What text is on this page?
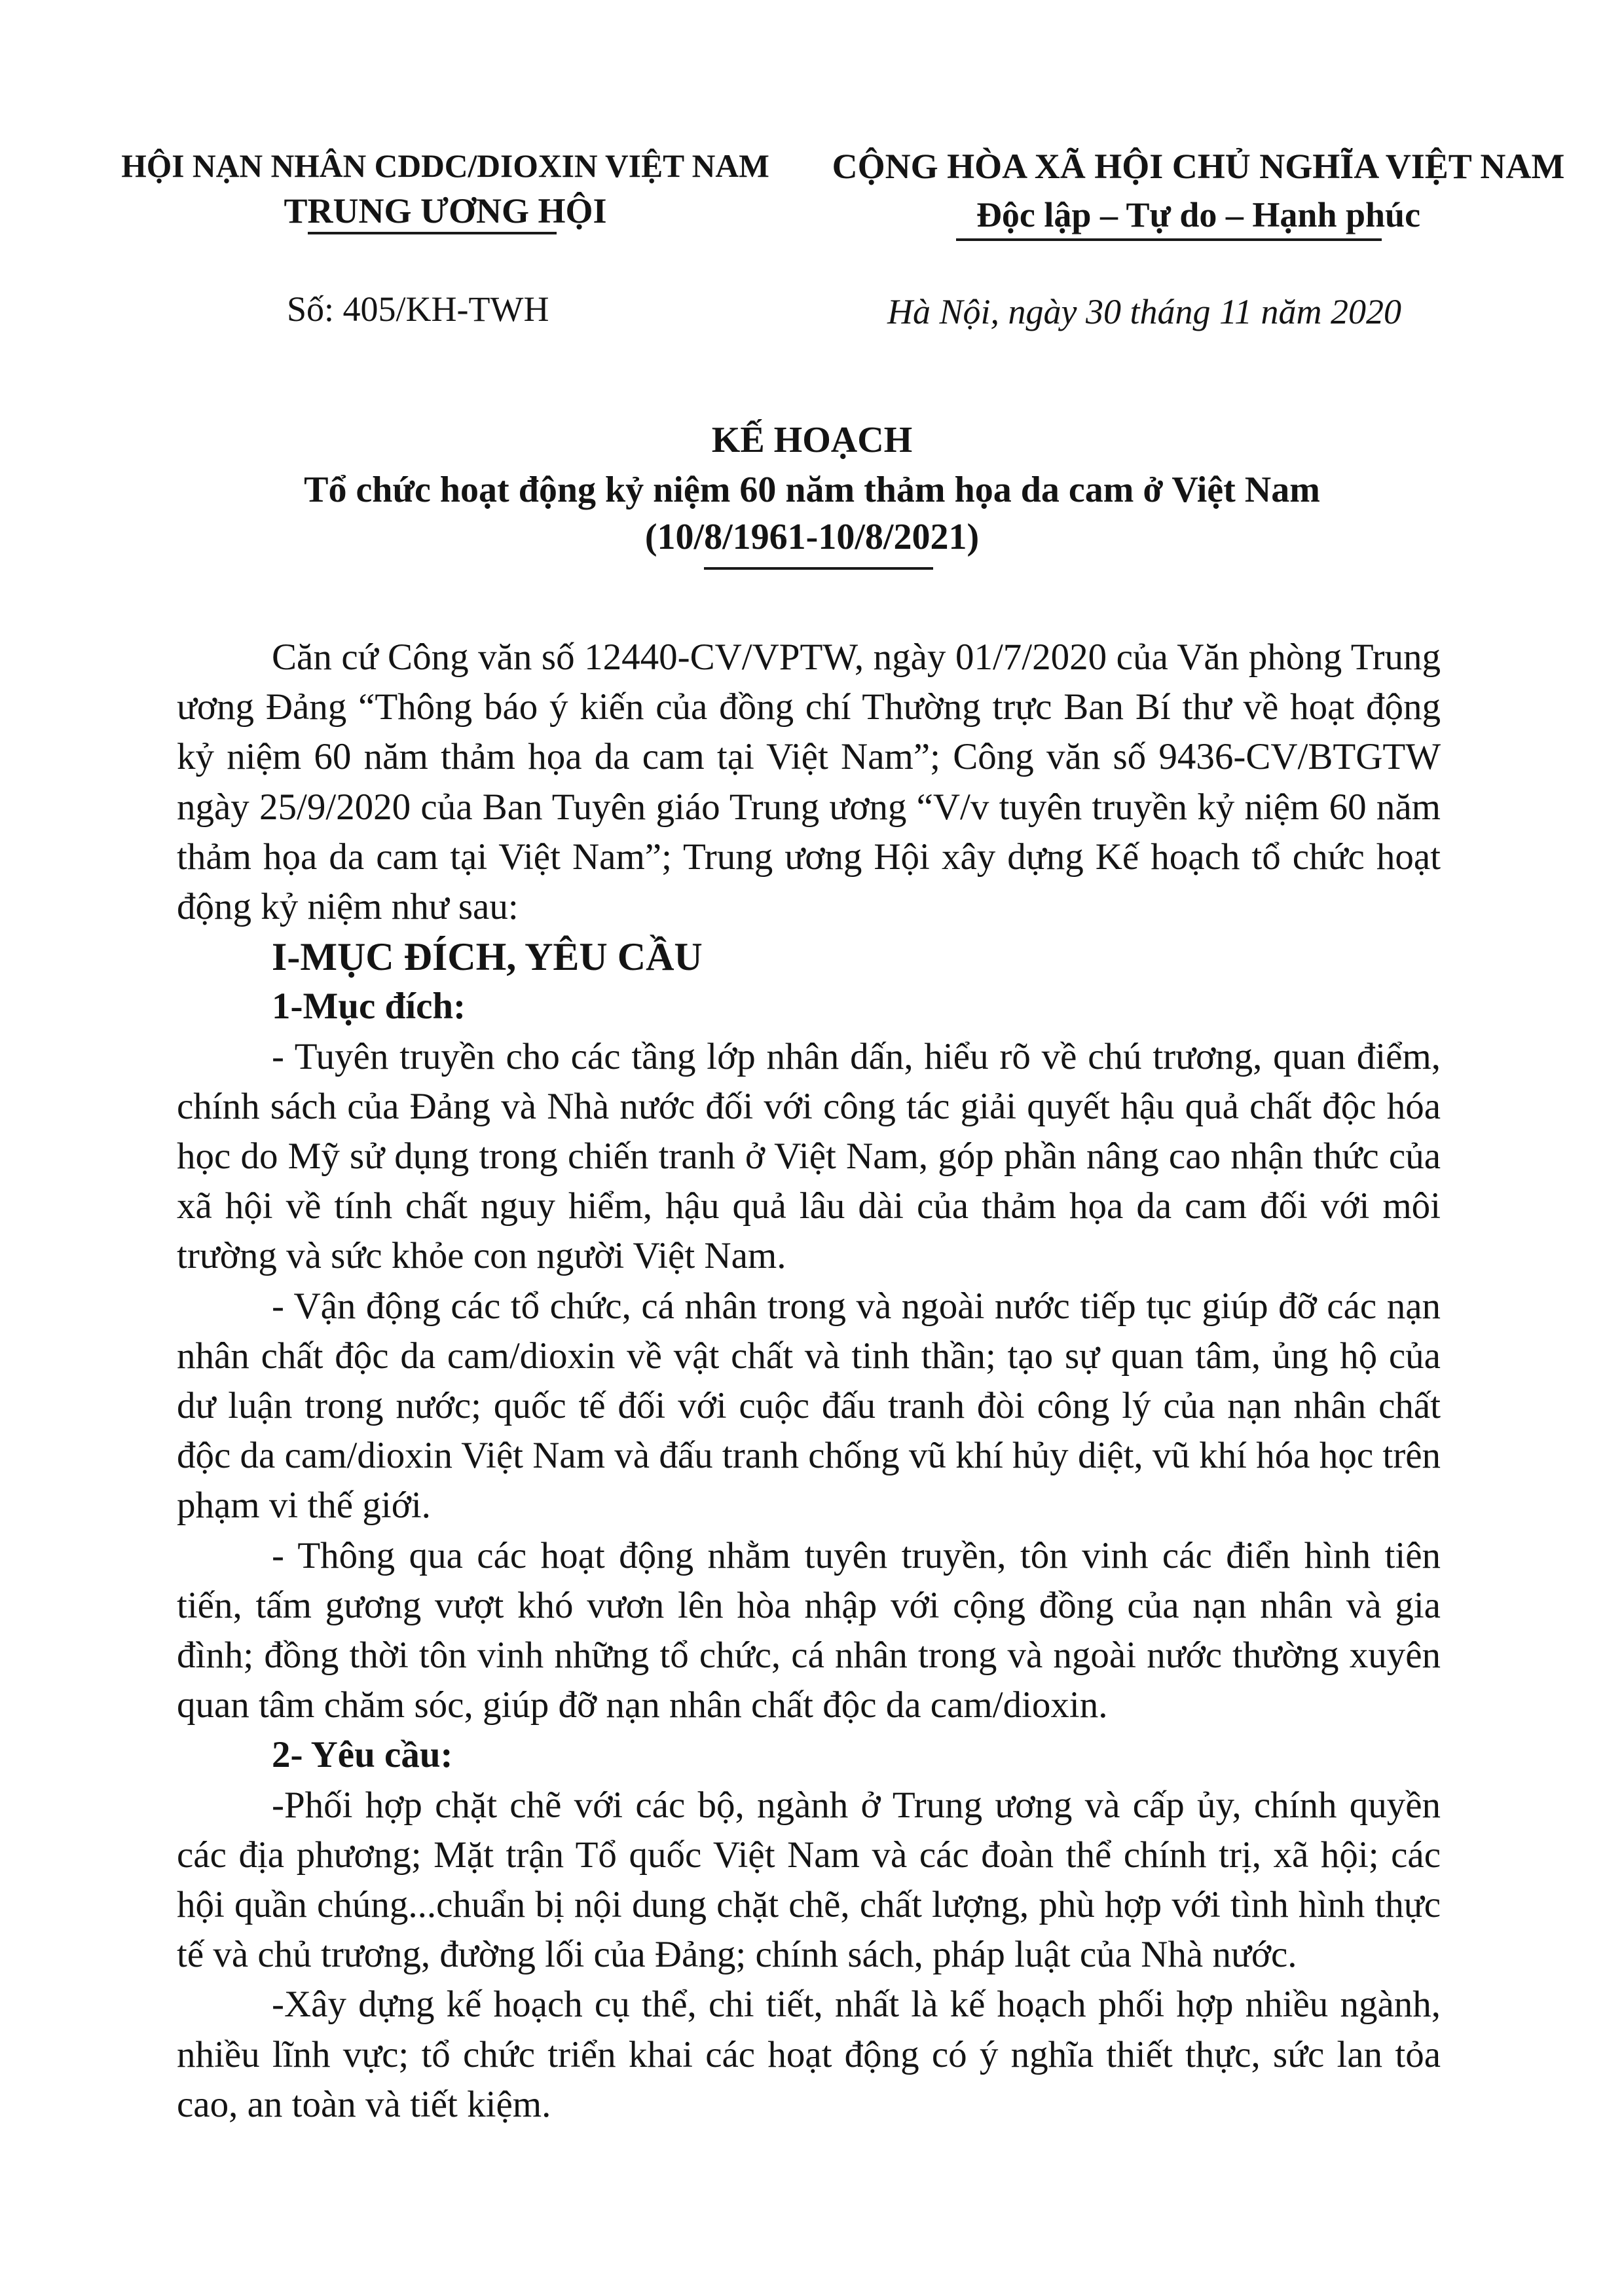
HỘI NẠN NHÂN CDDC/DIOXIN VIỆT NAM
TRUNG ƯƠNG HỘI
Số: 405/KH-TWH
CỘNG HÒA XÃ HỘI CHỦ NGHĨA VIỆT NAM
Độc lập – Tự do – Hạnh phúc
Hà Nội, ngày 30 tháng 11 năm 2020
KẾ HOẠCH
Tổ chức hoạt động kỷ niệm 60 năm thảm họa da cam ở Việt Nam
(10/8/1961-10/8/2021)
Căn cứ Công văn số 12440-CV/VPTW, ngày 01/7/2020 của Văn phòng Trung
ương Đảng “Thông báo ý kiến của đồng chí Thường trực Ban Bí thư về hoạt động
kỷ niệm 60 năm thảm họa da cam tại Việt Nam”; Công văn số 9436-CV/BTGTW
ngày 25/9/2020 của Ban Tuyên giáo Trung ương “V/v tuyên truyền kỷ niệm 60 năm
thảm họa da cam tại Việt Nam”; Trung ương Hội xây dựng Kế hoạch tổ chức hoạt
động kỷ niệm như sau:
I-MỤC ĐÍCH, YÊU CẦU
1-Mục đích:
- Tuyên truyền cho các tầng lớp nhân dấn, hiểu rõ về chú trương, quan điểm,
chính sách của Đảng và Nhà nước đối với công tác giải quyết hậu quả chất độc hóa
học do Mỹ sử dụng trong chiến tranh ở Việt Nam, góp phần nâng cao nhận thức của
xã hội về tính chất nguy hiểm, hậu quả lâu dài của thảm họa da cam đối với môi
trường và sức khỏe con người Việt Nam.
- Vận động các tổ chức, cá nhân trong và ngoài nước tiếp tục giúp đỡ các nạn
nhân chất độc da cam/dioxin về vật chất và tinh thần; tạo sự quan tâm, ủng hộ của
dư luận trong nước; quốc tế đối với cuộc đấu tranh đòi công lý của nạn nhân chất
độc da cam/dioxin Việt Nam và đấu tranh chống vũ khí hủy diệt, vũ khí hóa học trên
phạm vi thế giới.
- Thông qua các hoạt động nhằm tuyên truyền, tôn vinh các điển hình tiên
tiến, tấm gương vượt khó vươn lên hòa nhập với cộng đồng của nạn nhân và gia
đình; đồng thời tôn vinh những tổ chức, cá nhân trong và ngoài nước thường xuyên
quan tâm chăm sóc, giúp đỡ nạn nhân chất độc da cam/dioxin.
2- Yêu cầu:
-Phối hợp chặt chẽ với các bộ, ngành ở Trung ương và cấp ủy, chính quyền
các địa phương; Mặt trận Tổ quốc Việt Nam và các đoàn thể chính trị, xã hội; các
hội quần chúng...chuẩn bị nội dung chặt chẽ, chất lượng, phù hợp với tình hình thực
tế và chủ trương, đường lối của Đảng; chính sách, pháp luật của Nhà nước.
-Xây dựng kế hoạch cụ thể, chi tiết, nhất là kế hoạch phối hợp nhiều ngành,
nhiều lĩnh vực; tổ chức triển khai các hoạt động có ý nghĩa thiết thực, sức lan tỏa
cao, an toàn và tiết kiệm.
